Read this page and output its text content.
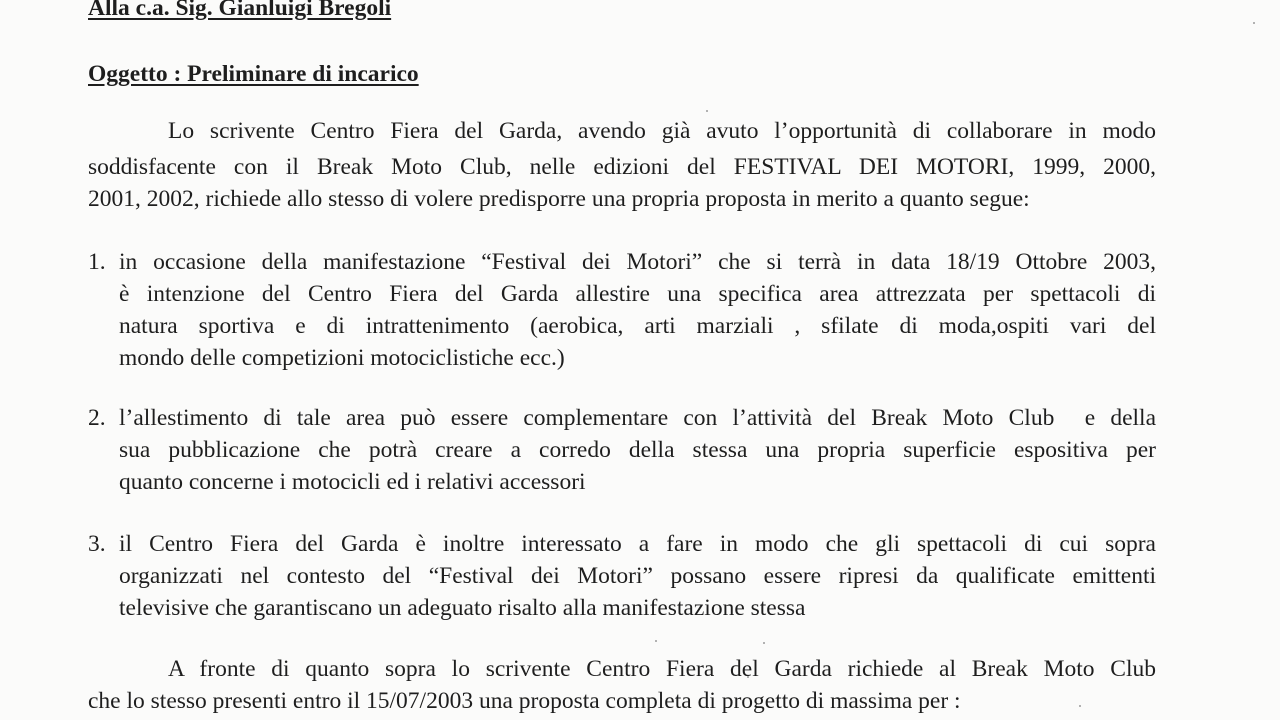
Alla c.a. Sig. Gianluigi Bregoli
Oggetto : Preliminare di incarico
Lo scrivente Centro Fiera del Garda, avendo già avuto l’opportunità di collaborare in modo
soddisfacente con il Break Moto Club, nelle edizioni del FESTIVAL DEI MOTORI, 1999, 2000,
2001, 2002, richiede allo stesso di volere predisporre una propria proposta in merito a quanto segue:
1. in occasione della manifestazione “Festival dei Motori” che si terrà in data 18/19 Ottobre 2003,
è intenzione del Centro Fiera del Garda allestire una specifica area attrezzata per spettacoli di
natura sportiva e di intrattenimento (aerobica, arti marziali , sfilate di moda,ospiti vari del
mondo delle competizioni motociclistiche ecc.)
2. l’allestimento di tale area può essere complementare con l’attività del Break Moto Club  e della
sua pubblicazione che potrà creare a corredo della stessa una propria superficie espositiva per
quanto concerne i motocicli ed i relativi accessori
3. il Centro Fiera del Garda è inoltre interessato a fare in modo che gli spettacoli di cui sopra
organizzati nel contesto del “Festival dei Motori” possano essere ripresi da qualificate emittenti
televisive che garantiscano un adeguato risalto alla manifestazione stessa
A fronte di quanto sopra lo scrivente Centro Fiera del Garda richiede al Break Moto Club
che lo stesso presenti entro il 15/07/2003 una proposta completa di progetto di massima per :
